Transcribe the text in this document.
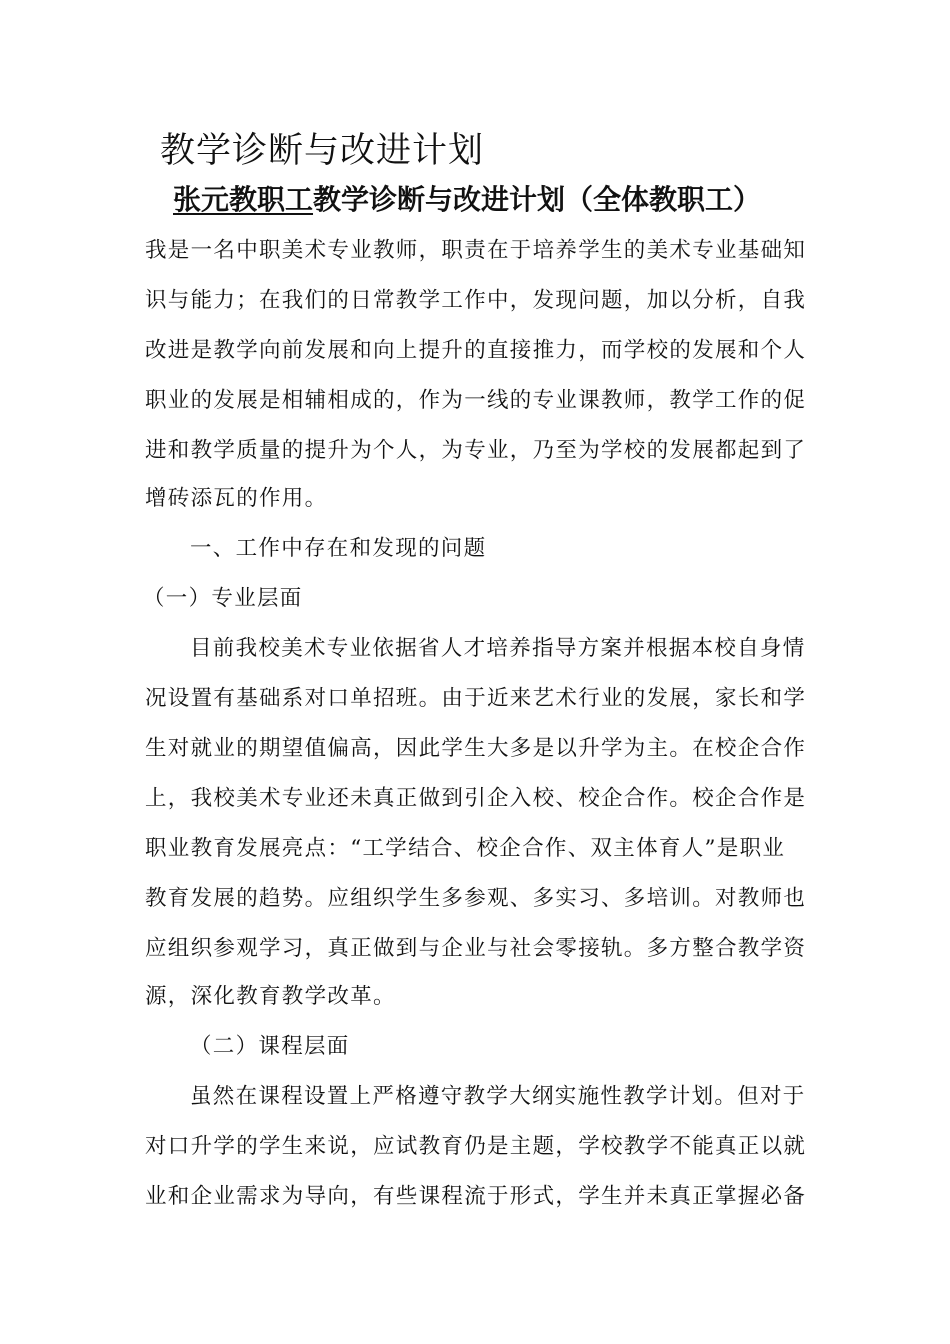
教学诊断与改进计划
张元教职工教学诊断与改进计划（全体教职工）
我是一名中职美术专业教师，职责在于培养学生的美术专业基础知
识与能力；在我们的日常教学工作中，发现问题，加以分析，自我
改进是教学向前发展和向上提升的直接推力，而学校的发展和个人
职业的发展是相辅相成的，作为一线的专业课教师，教学工作的促
进和教学质量的提升为个人，为专业，乃至为学校的发展都起到了
增砖添瓦的作用。
一、工作中存在和发现的问题
（一）专业层面
目前我校美术专业依据省人才培养指导方案并根据本校自身情
况设置有基础系对口单招班。由于近来艺术行业的发展，家长和学
生对就业的期望值偏高，因此学生大多是以升学为主。在校企合作
上，我校美术专业还未真正做到引企入校、校企合作。校企合作是
职业教育发展亮点：“工学结合、校企合作、双主体育人”是职业
教育发展的趋势。应组织学生多参观、多实习、多培训。对教师也
应组织参观学习，真正做到与企业与社会零接轨。多方整合教学资
源，深化教育教学改革。
（二）课程层面
虽然在课程设置上严格遵守教学大纲实施性教学计划。但对于
对口升学的学生来说，应试教育仍是主题，学校教学不能真正以就
业和企业需求为导向，有些课程流于形式，学生并未真正掌握必备
